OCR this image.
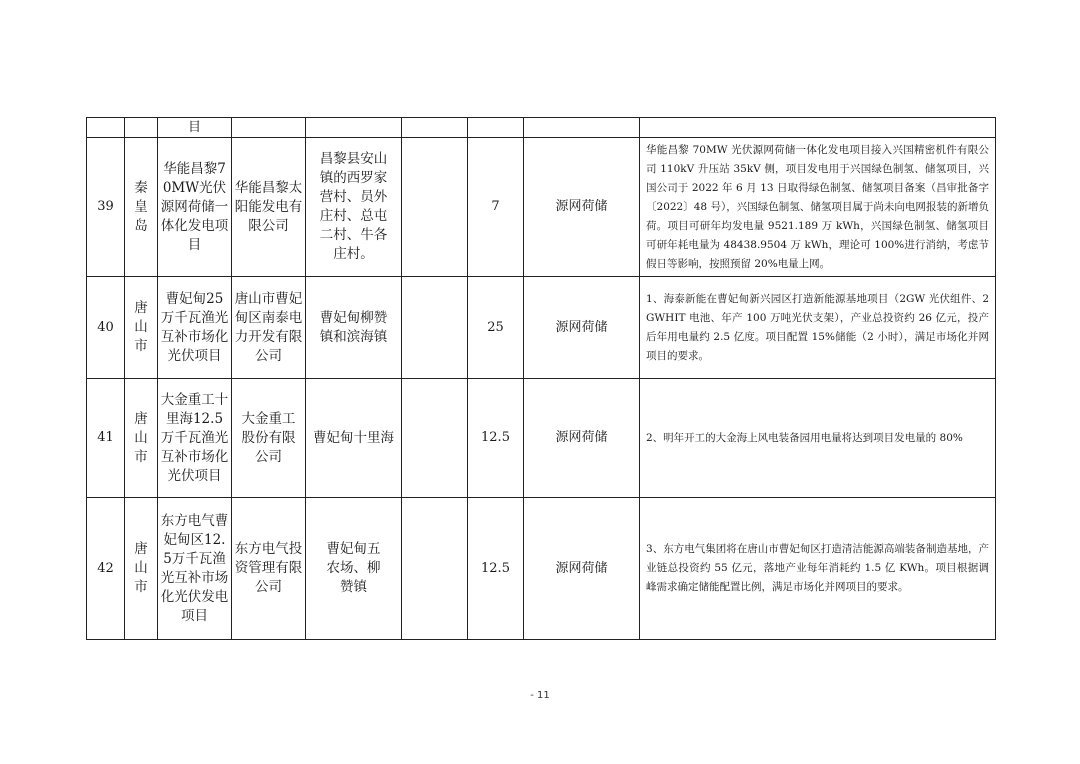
		目						
39	秦皇岛	华能昌黎70MW光伏源网荷储一体化发电项目	华能昌黎太阳能发电有限公司	昌黎县安山镇的西罗家营村、员外庄村、总屯二村、牛各庄村。		7	源网荷储	华能昌黎 70MW 光伏源网荷储一体化发电项目接入兴国精密机件有限公司 110kV 升压站 35kV 侧，项目发电用于兴国绿色制氢、储氢项目，兴国公司于 2022 年 6 月 13 日取得绿色制氢、储氢项目备案（昌审批备字〔2022〕48 号），兴国绿色制氢、储氢项目属于尚未向电网报装的新增负荷。项目可研年均发电量 9521.189 万 kWh，兴国绿色制氢、储氢项目可研年耗电量为 48438.9504 万 kWh，理论可 100%进行消纳，考虑节假日等影响，按照预留 20%电量上网。
40	唐山市	曹妃甸25万千瓦渔光互补市场化光伏项目	唐山市曹妃甸区南泰电力开发有限公司	曹妃甸柳赞镇和滨海镇		25	源网荷储	1、海泰新能在曹妃甸新兴园区打造新能源基地项目（2GW 光伏组件、2GWHIT 电池、年产 100 万吨光伏支架），产业总投资约 26 亿元，投产后年用电量约 2.5 亿度。项目配置 15%储能（2 小时），满足市场化并网项目的要求。
41	唐山市	大金重工十里海12.5万千瓦渔光互补市场化光伏项目	大金重工股份有限公司	曹妃甸十里海		12.5	源网荷储	2、明年开工的大金海上风电装备园用电量将达到项目发电量的 80%
42	唐山市	东方电气曹妃甸区12.5万千瓦渔光互补市场化光伏发电项目	东方电气投资管理有限公司	曹妃甸五农场、柳赞镇		12.5	源网荷储	3、东方电气集团将在唐山市曹妃甸区打造清洁能源高端装备制造基地，产业链总投资约 55 亿元，落地产业每年消耗约 1.5 亿 KWh。项目根据调峰需求确定储能配置比例，满足市场化并网项目的要求。
- 11
